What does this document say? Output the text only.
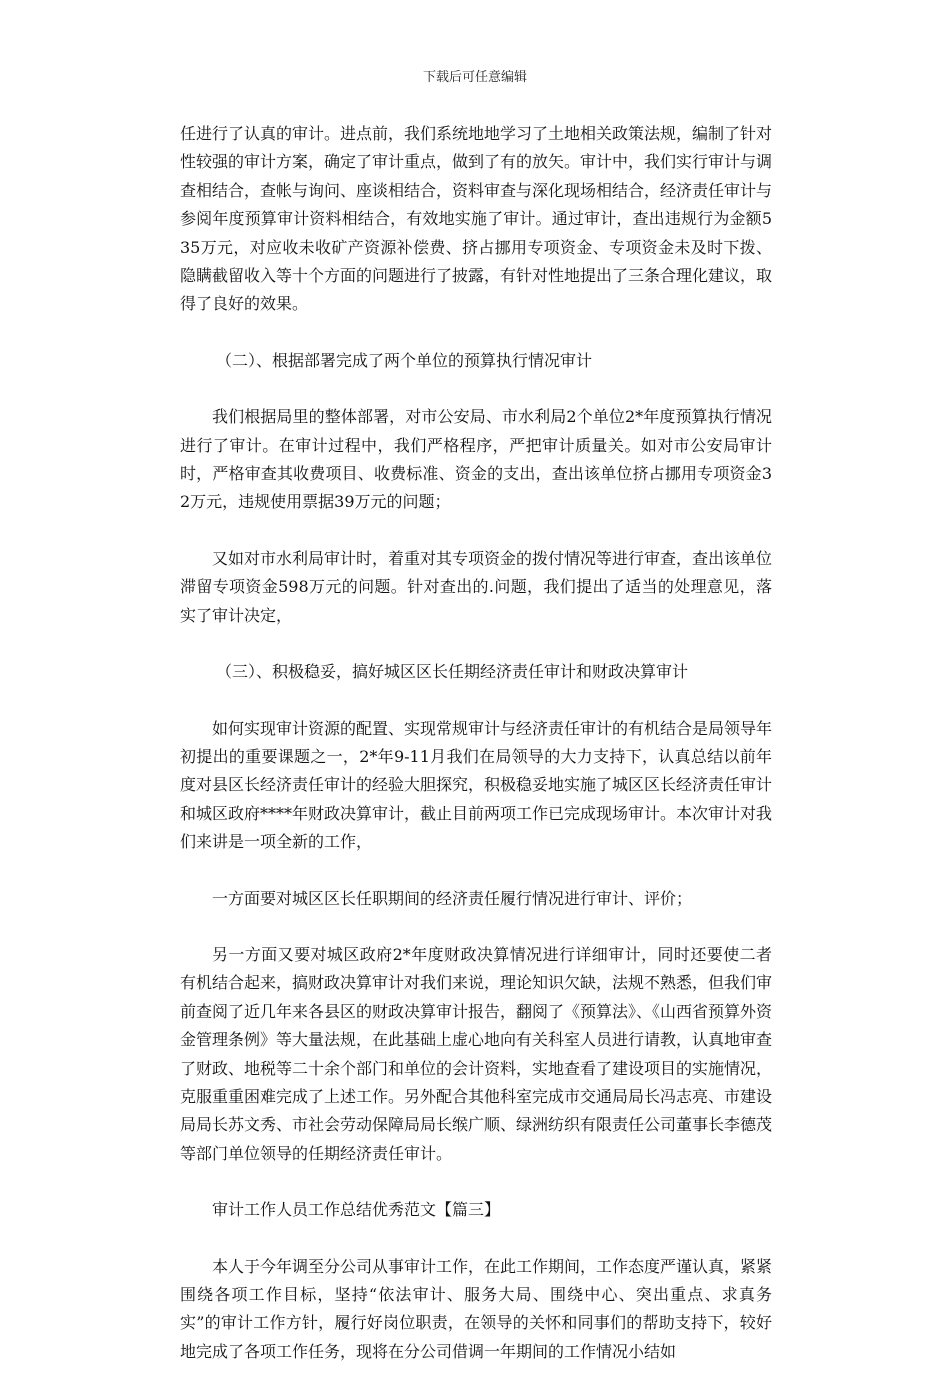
下载后可任意编辑

任进行了认真的审计。进点前，我们系统地地学习了土地相关政策法规，编制了针对性较强的审计方案，确定了审计重点，做到了有的放矢。审计中，我们实行审计与调查相结合，查帐与询问、座谈相结合，资料审查与深化现场相结合，经济责任审计与参阅年度预算审计资料相结合，有效地实施了审计。通过审计，查出违规行为金额535万元，对应收未收矿产资源补偿费、挤占挪用专项资金、专项资金未及时下拨、隐瞒截留收入等十个方面的问题进行了披露，有针对性地提出了三条合理化建议，取得了良好的效果。

（二）、根据部署完成了两个单位的预算执行情况审计

我们根据局里的整体部署，对市公安局、市水利局2个单位2*年度预算执行情况进行了审计。在审计过程中，我们严格程序，严把审计质量关。如对市公安局审计时，严格审查其收费项目、收费标准、资金的支出，查出该单位挤占挪用专项资金32万元，违规使用票据39万元的问题；

又如对市水利局审计时，着重对其专项资金的拨付情况等进行审查，查出该单位滞留专项资金598万元的问题。针对查出的.问题，我们提出了适当的处理意见，落实了审计决定，

（三）、积极稳妥，搞好城区区长任期经济责任审计和财政决算审计

如何实现审计资源的配置、实现常规审计与经济责任审计的有机结合是局领导年初提出的重要课题之一，2*年9-11月我们在局领导的大力支持下，认真总结以前年度对县区长经济责任审计的经验大胆探究，积极稳妥地实施了城区区长经济责任审计和城区政府****年财政决算审计，截止目前两项工作已完成现场审计。本次审计对我们来讲是一项全新的工作，

一方面要对城区区长任职期间的经济责任履行情况进行审计、评价；

另一方面又要对城区政府2*年度财政决算情况进行详细审计，同时还要使二者有机结合起来，搞财政决算审计对我们来说，理论知识欠缺，法规不熟悉，但我们审前查阅了近几年来各县区的财政决算审计报告，翻阅了《预算法》、《山西省预算外资金管理条例》等大量法规，在此基础上虚心地向有关科室人员进行请教，认真地审查了财政、地税等二十余个部门和单位的会计资料，实地查看了建设项目的实施情况，克服重重困难完成了上述工作。另外配合其他科室完成市交通局局长冯志亮、市建设局局长苏文秀、市社会劳动保障局局长缑广顺、绿洲纺织有限责任公司董事长李德茂等部门单位领导的任期经济责任审计。

审计工作人员工作总结优秀范文【篇三】

本人于今年调至分公司从事审计工作，在此工作期间，工作态度严谨认真，紧紧围绕各项工作目标，坚持“依法审计、服务大局、围绕中心、突出重点、求真务实”的审计工作方针，履行好岗位职责，在领导的关怀和同事们的帮助支持下，较好地完成了各项工作任务，现将在分公司借调一年期间的工作情况小结如
